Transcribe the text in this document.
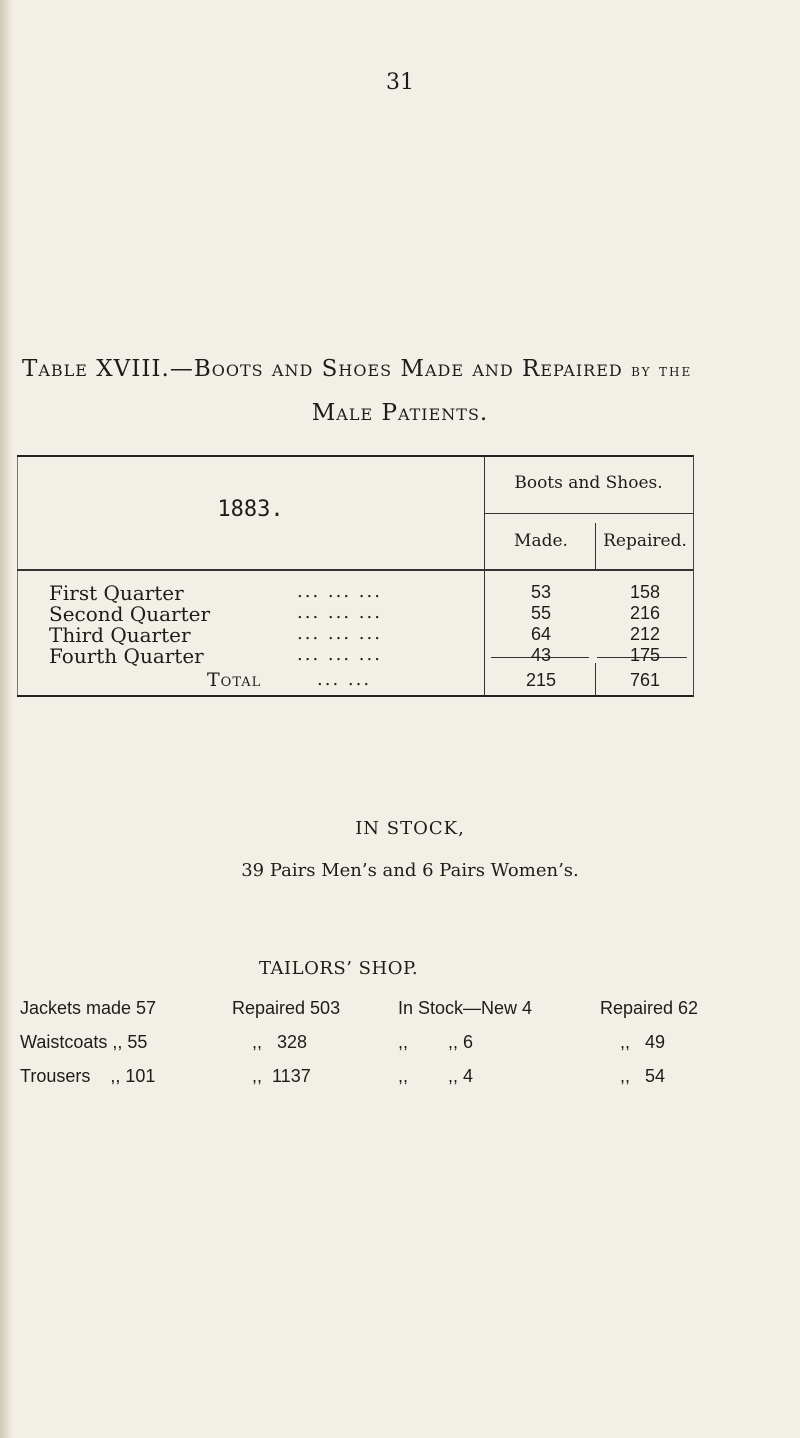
31
Table XVIII.—Boots and Shoes Made and Repaired by the
Male Patients.
1883.
Boots and Shoes.
Made.	Repaired.
First Quarter	... ... ...	53	158
Second Quarter	... ... ...	55	216
Third Quarter	... ... ...	64	212
Fourth Quarter	... ... ...	43	175
Total	... ...	215	761
IN STOCK,
39 Pairs Men’s and 6 Pairs Women’s.
TAILORS’ SHOP.
Jackets made 57	Repaired 503	In Stock—New 4	Repaired 62
Waistcoats ,, 55	,,   328	,,        ,, 6	,,   49
Trousers    ,, 101	,,  1137	,,        ,, 4	,,   54
